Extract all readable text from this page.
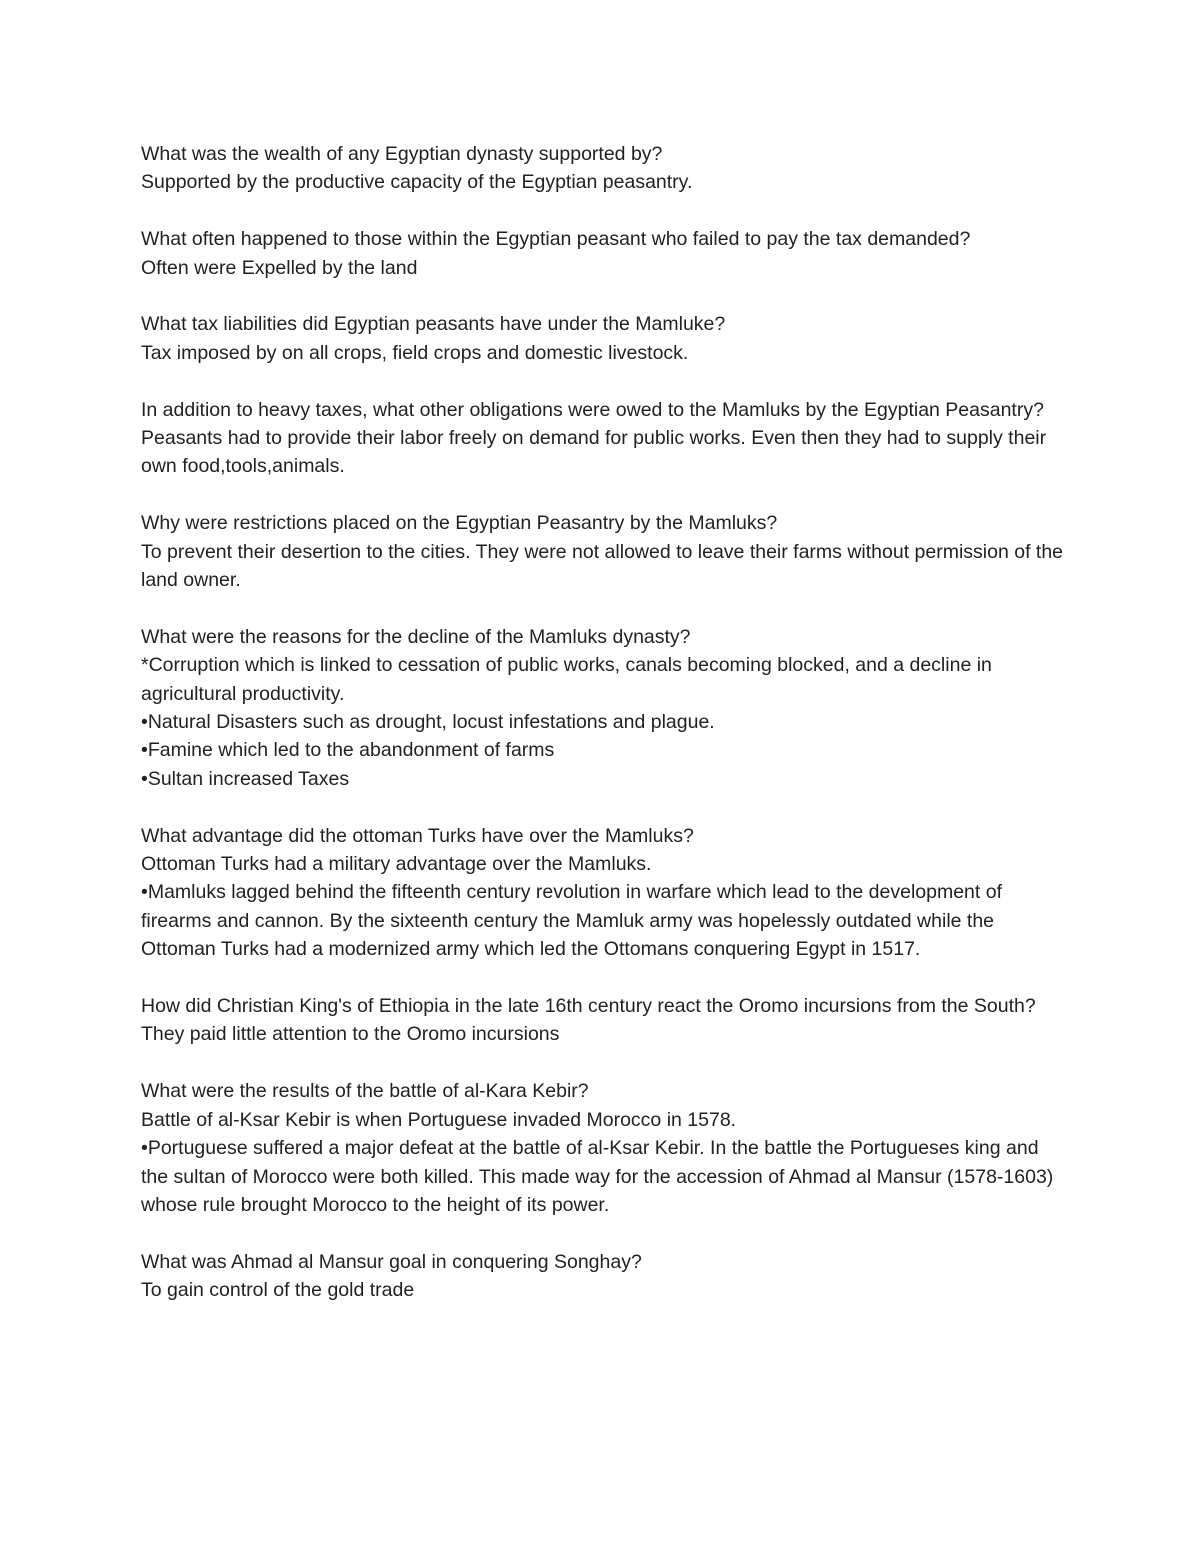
What was the wealth of any Egyptian dynasty supported by?
Supported by the productive capacity of the Egyptian peasantry.
What often happened to those within the Egyptian peasant who failed to pay the tax demanded?
Often were Expelled by the land
What tax liabilities did Egyptian peasants have under the Mamluke?
Tax imposed by on all crops, field crops and domestic livestock.
In addition to heavy taxes, what other obligations were owed to the Mamluks by the Egyptian Peasantry?
Peasants had to provide their labor freely on demand for public works. Even then they had to supply their own food,tools,animals.
Why were restrictions placed on the Egyptian Peasantry by the Mamluks?
To prevent their desertion to the cities. They were not allowed to leave their farms without permission of the land owner.
What were the reasons for the decline of the Mamluks dynasty?
*Corruption which is linked to cessation of public works, canals becoming blocked, and a decline in agricultural productivity.
•Natural Disasters such as drought, locust infestations and plague.
•Famine which led to the abandonment of farms
•Sultan increased Taxes
What advantage did the ottoman Turks have over the Mamluks?
Ottoman Turks had a military advantage over the Mamluks.
•Mamluks lagged behind the fifteenth century revolution in warfare which lead to the development of firearms and cannon. By the sixteenth century the Mamluk army was hopelessly outdated while the Ottoman Turks had a modernized army which led the Ottomans conquering Egypt in 1517.
How did Christian King's of Ethiopia in the late 16th century react the Oromo incursions from the South?
They paid little attention to the Oromo incursions
What were the results of the battle of al-Kara Kebir?
Battle of al-Ksar Kebir is when Portuguese invaded Morocco in 1578.
•Portuguese suffered a major defeat at the battle of al-Ksar Kebir. In the battle the Portugueses king and the sultan of Morocco were both killed. This made way for the accession of Ahmad al Mansur (1578-1603) whose rule brought Morocco to the height of its power.
What was Ahmad al Mansur goal in conquering Songhay?
To gain control of the gold trade
